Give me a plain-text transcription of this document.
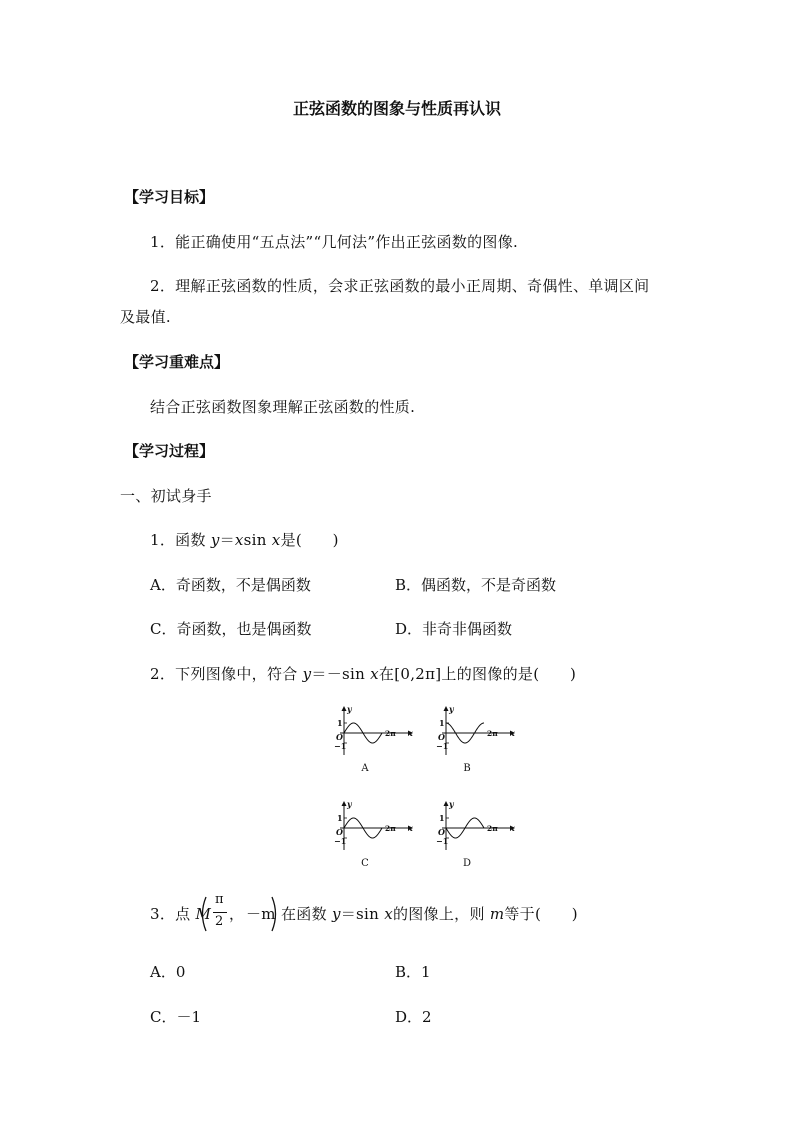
正弦函数的图象与性质再认识
【学习目标】
1．能正确使用“五点法”“几何法”作出正弦函数的图像.
2．理解正弦函数的性质，会求正弦函数的最小正周期、奇偶性、单调区间
及最值.
【学习重难点】
结合正弦函数图象理解正弦函数的性质.
【学习过程】
一、初试身手
1．函数 y＝xsin x是(　　)
A．奇函数，不是偶函数	B．偶函数，不是奇函数
C．奇函数，也是偶函数	D．非奇非偶函数
2．下列图像中，符合 y＝－sin x在[0,2π]上的图像的是(　　)
y
1
O
−1
2π x
A
y
1
O
−1
2π x
B
y
1
O
−1
2π x
C
y
1
O
−1
2π x
D
3．点 M
π
2 ， －m 在函数 y＝sin x的图像上，则 m等于(　　)
A．0	B．1
C．－1	D．2
